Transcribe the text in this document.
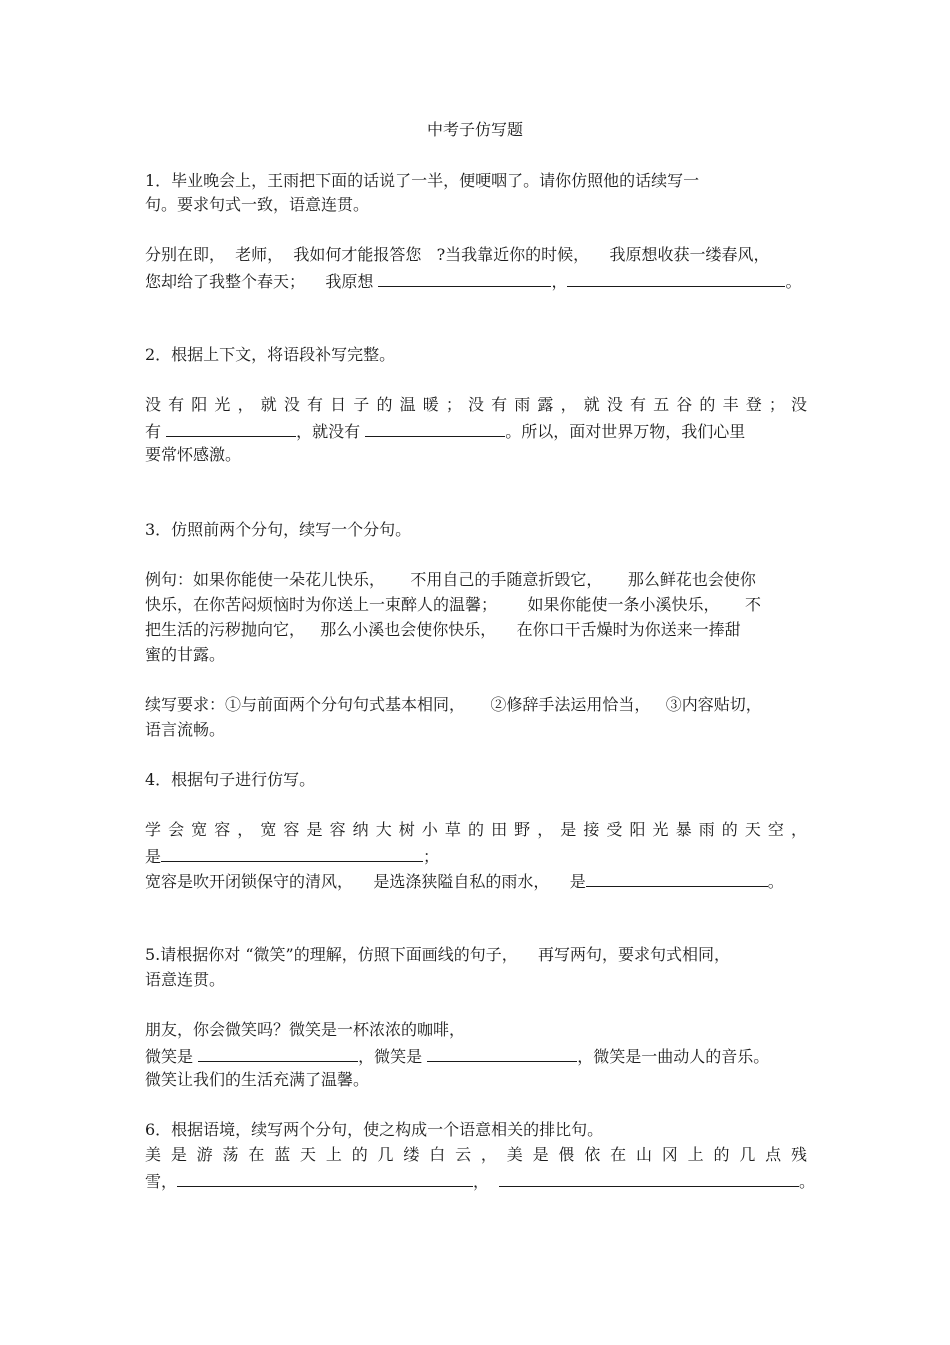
中考子仿写题
1．毕业晚会上，王雨把下面的话说了一半，便哽咽了。请你仿照他的话续写一
句。要求句式一致，语意连贯。
分别在即，  老师，  我如何才能报答您   ?当我靠近你的时候，    我原想收获一缕春风，
您却给了我整个春天；    我原想	，	。
2．根据上下文，将语段补写完整。
没 有 阳 光 ， 就 没 有 日 子 的 温 暖 ； 没 有 雨 露 ， 就 没 有 五 谷 的 丰 登 ； 没
有	，就没有	。所以，面对世界万物，我们心里
要常怀感激。
3．仿照前两个分句，续写一个分句。
例句：如果你能使一朵花儿快乐，     不用自己的手随意折毁它，     那么鲜花也会使你
快乐，在你苦闷烦恼时为你送上一束醉人的温馨；      如果你能使一条小溪快乐，     不
把生活的污秽抛向它，   那么小溪也会使你快乐，    在你口干舌燥时为你送来一捧甜
蜜的甘露。
续写要求：①与前面两个分句句式基本相同，     ②修辞手法运用恰当，   ③内容贴切，
语言流畅。
4．根据句子进行仿写。
学 会 宽 容 ， 宽 容 是 容 纳 大 树 小 草 的 田 野 ， 是 接 受 阳 光 暴 雨 的 天 空 ，
是	；
宽容是吹开闭锁保守的清风，    是选涤狭隘自私的雨水，    是	。
5.请根据你对 “微笑”的理解，仿照下面画线的句子，    再写两句，要求句式相同，
语意连贯。
朋友，你会微笑吗？微笑是一杯浓浓的咖啡，
微笑是	，微笑是	，微笑是一曲动人的音乐。
微笑让我们的生活充满了温馨。
6．根据语境，续写两个分句，使之构成一个语意相关的排比句。
美 是 游 荡 在 蓝 天 上 的 几 缕 白 云 ， 美 是 偎 依 在 山 冈 上 的 几 点 残
雪，	，	。
